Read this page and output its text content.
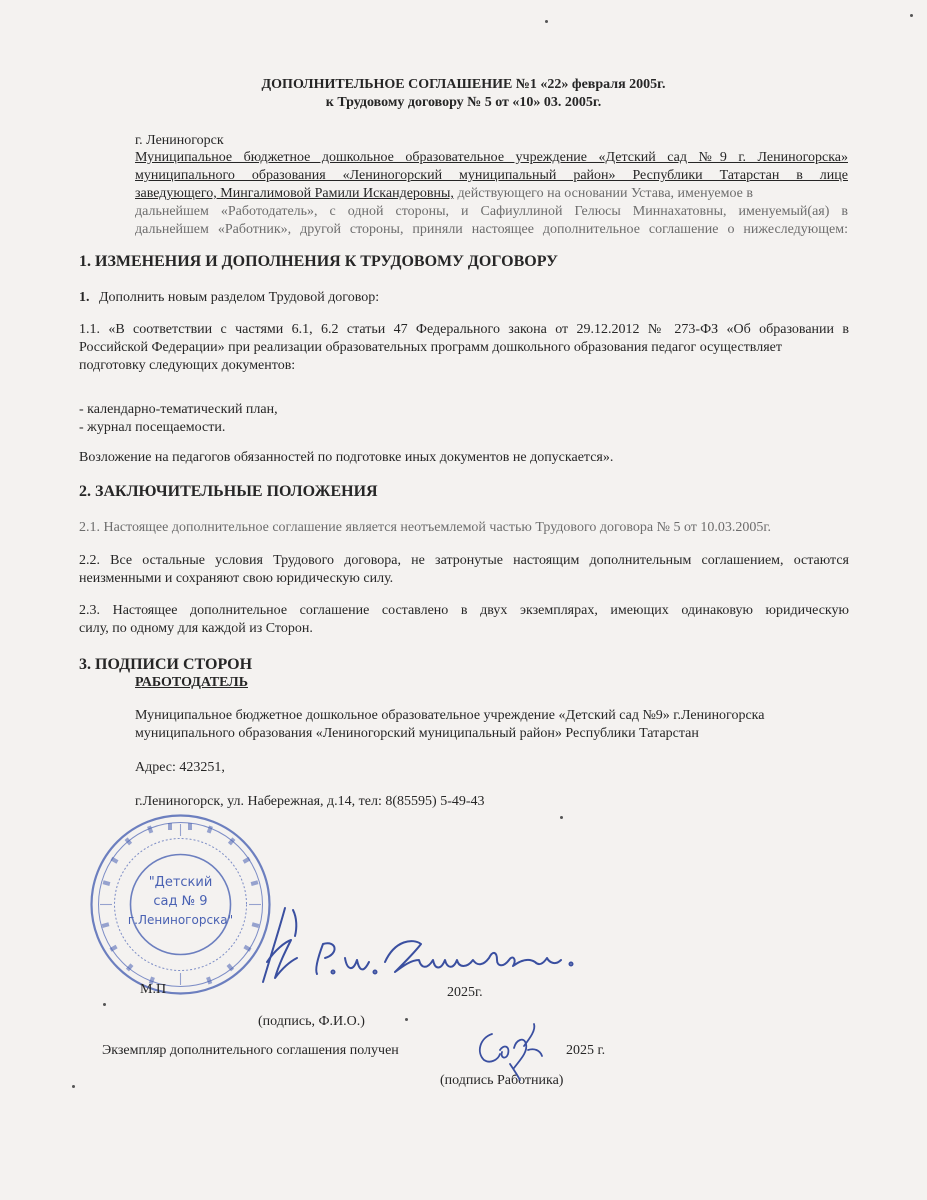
ДОПОЛНИТЕЛЬНОЕ СОГЛАШЕНИЕ №1 «22» февраля 2005г.
к Трудовому договору № 5 от «10» 03. 2005г.
г. Лениногорск
Муниципальное бюджетное дошкольное образовательное учреждение «Детский сад №9 г. Лениногорска»
муниципального образования «Лениногорский муниципальный район» Республики Татарстан в лице
заведующего, Мингалимовой Рамили Искандеровны, действующего на основании Устава, именуемое в
дальнейшем «Работодатель», с одной стороны, и Сафиуллиной Гелюсы Миннахатовны, именуемый(ая) в
дальнейшем «Работник», другой стороны, приняли настоящее дополнительное соглашение о нижеследующем:
1. ИЗМЕНЕНИЯ И ДОПОЛНЕНИЯ К ТРУДОВОМУ ДОГОВОРУ
1. Дополнить новым разделом Трудовой договор:
1.1. «В соответствии с частями 6.1, 6.2 статьи 47 Федерального закона от 29.12.2012 № 273-ФЗ «Об образовании в
Российской Федерации» при реализации образовательных программ дошкольного образования педагог осуществляет
подготовку следующих документов:
- календарно-тематический план,
- журнал посещаемости.
Возложение на педагогов обязанностей по подготовке иных документов не допускается».
2. ЗАКЛЮЧИТЕЛЬНЫЕ ПОЛОЖЕНИЯ
2.1. Настоящее дополнительное соглашение является неотъемлемой частью Трудового договора № 5 от 10.03.2005г.
2.2. Все остальные условия Трудового договора, не затронутые настоящим дополнительным соглашением, остаются
неизменными и сохраняют свою юридическую силу.
2.3. Настоящее дополнительное соглашение составлено в двух экземплярах, имеющих одинаковую юридическую
силу, по одному для каждой из Сторон.
3. ПОДПИСИ СТОРОН
РАБОТОДАТЕЛЬ
Муниципальное бюджетное дошкольное образовательное учреждение «Детский сад №9» г.Лениногорска
муниципального образования «Лениногорский муниципальный район» Республики Татарстан
Адрес: 423251,
г.Лениногорск, ул. Набережная, д.14, тел: 8(85595) 5-49-43
"Детский
сад № 9
г.Лениногорска"
М.П	2025г.
(подпись, Ф.И.О.)
Экземпляр дополнительного соглашения получен	2025 г.
(подпись Работника)
